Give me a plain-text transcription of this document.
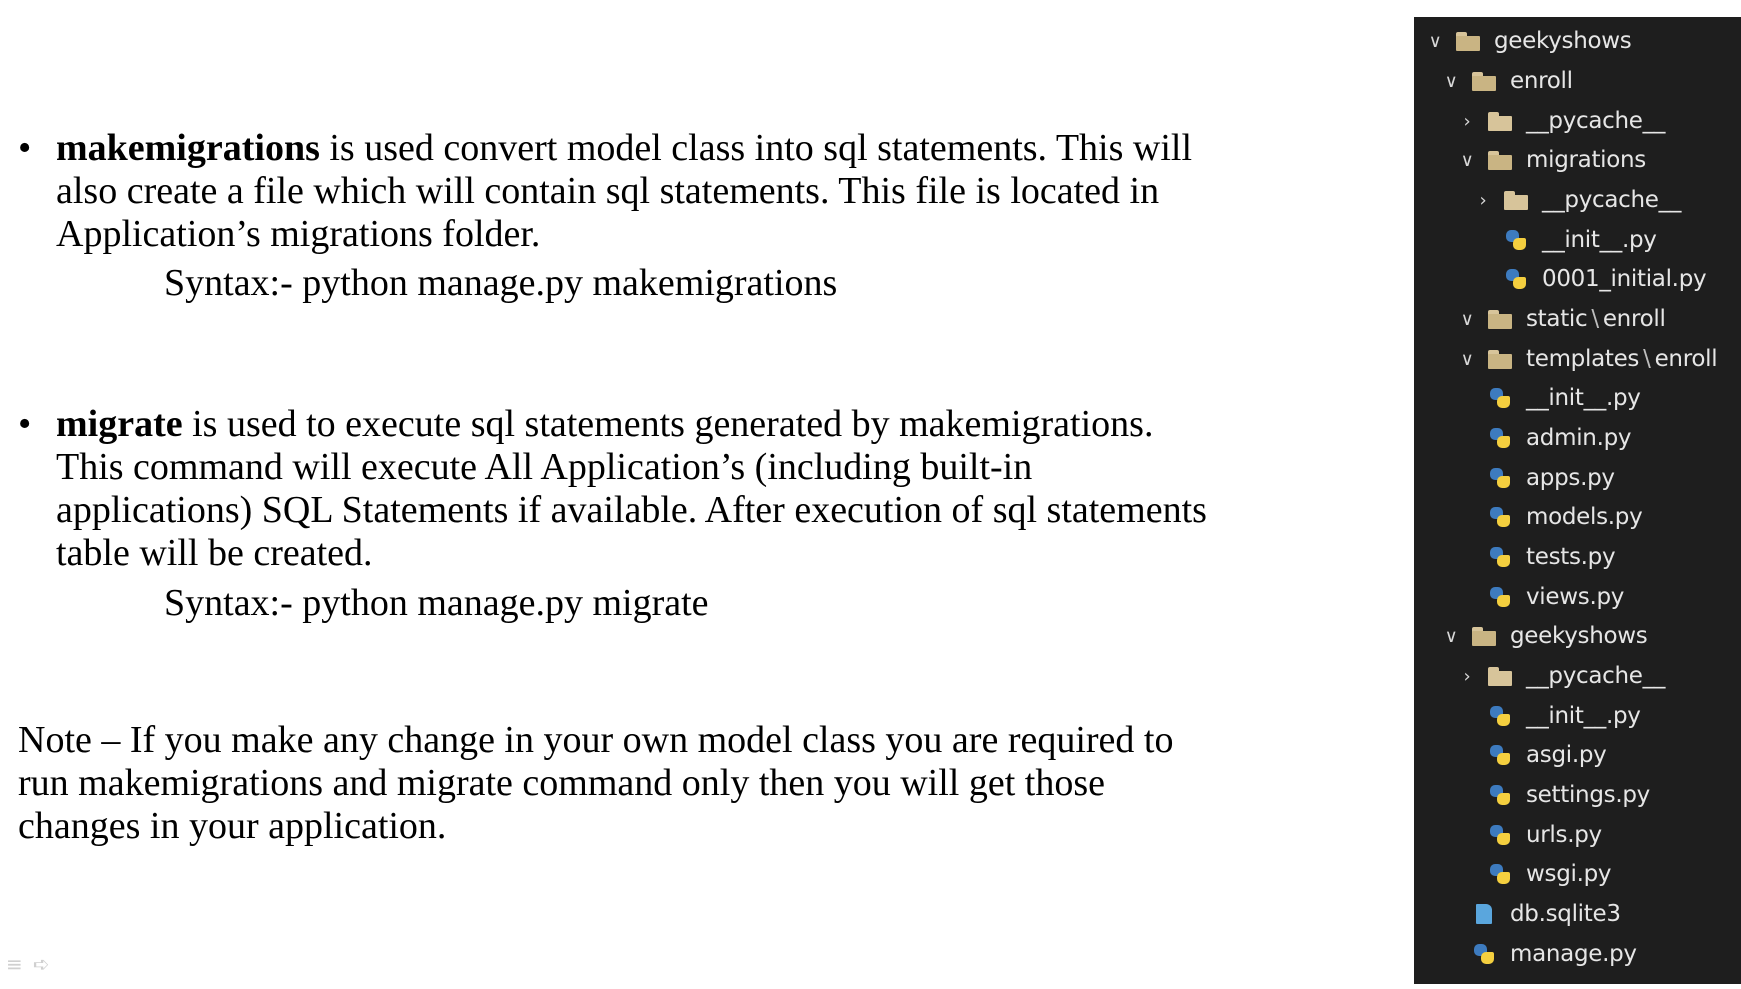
• makemigrations is used convert model class into sql statements. This will
also create a file which will contain sql statements. This file is located in
Application’s migrations folder.

Syntax:- python manage.py makemigrations

• migrate is used to execute sql statements generated by makemigrations.
This command will execute All Application’s (including built-in
applications) SQL Statements if available. After execution of sql statements
table will be created.

Syntax:- python manage.py migrate

Note – If you make any change in your own model class you are required to
run makemigrations and migrate command only then you will get those
changes in your application.

≡ ➪
∨ geekyshows
∨ enroll
›	__pycache__
∨ migrations
›	__pycache__
__init__.py
0001_initial.py
∨ static \ enroll
∨ templates \ enroll
__init__.py
admin.py
apps.py
models.py
tests.py
views.py
∨ geekyshows
›	__pycache__
__init__.py
asgi.py
settings.py
urls.py
wsgi.py
db.sqlite3
manage.py
